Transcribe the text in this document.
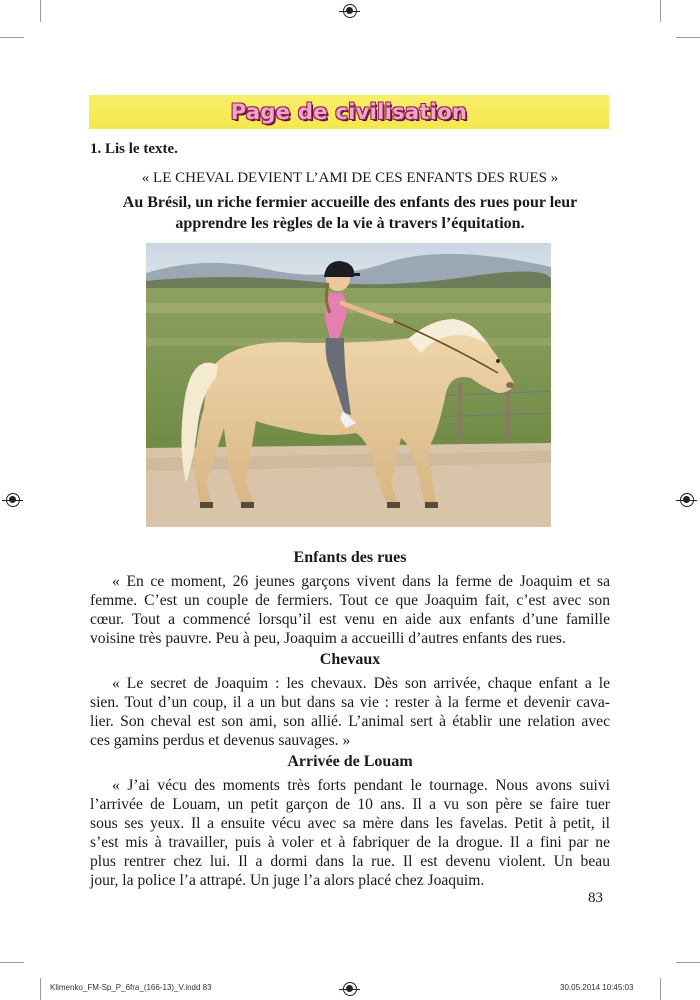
Page de civilisation
1. Lis le texte.
« LE CHEVAL DEVIENT L’AMI DE CES ENFANTS DES RUES »
Au Brésil, un riche fermier accueille des enfants des rues pour leur
apprendre les règles de la vie à travers l’équitation.
Enfants des rues
« En ce moment, 26 jeunes garçons vivent dans la ferme de Joaquim et sa
femme. C’est un couple de fermiers. Tout ce que Joaquim fait, c’est avec son
cœur. Tout a commencé lorsqu’il est venu en aide aux enfants d’une famille
voisine très pauvre. Peu à peu, Joaquim a accueilli d’autres enfants des rues.
Chevaux
« Le secret de Joaquim : les chevaux. Dès son arrivée, chaque enfant a le
sien. Tout d’un coup, il a un but dans sa vie : rester à la ferme et devenir cava-
lier. Son cheval est son ami, son allié. L’animal sert à établir une relation avec
ces gamins perdus et devenus sauvages. »
Arrivée de Louam
« J’ai vécu des moments très forts pendant le tournage. Nous avons suivi
l’arrivée de Louam, un petit garçon de 10 ans. Il a vu son père se faire tuer
sous ses yeux. Il a ensuite vécu avec sa mère dans les favelas. Petit à petit, il
s’est mis à travailler, puis à voler et à fabriquer de la drogue. Il a fini par ne
plus rentrer chez lui. Il a dormi dans la rue. Il est devenu violent. Un beau
jour, la police l’a attrapé. Un juge l’a alors placé chez Joaquim.
83
Klimenko_FM-Sp_P_6fra_(166-13)_V.indd 83	30.05.2014 10:45:03
